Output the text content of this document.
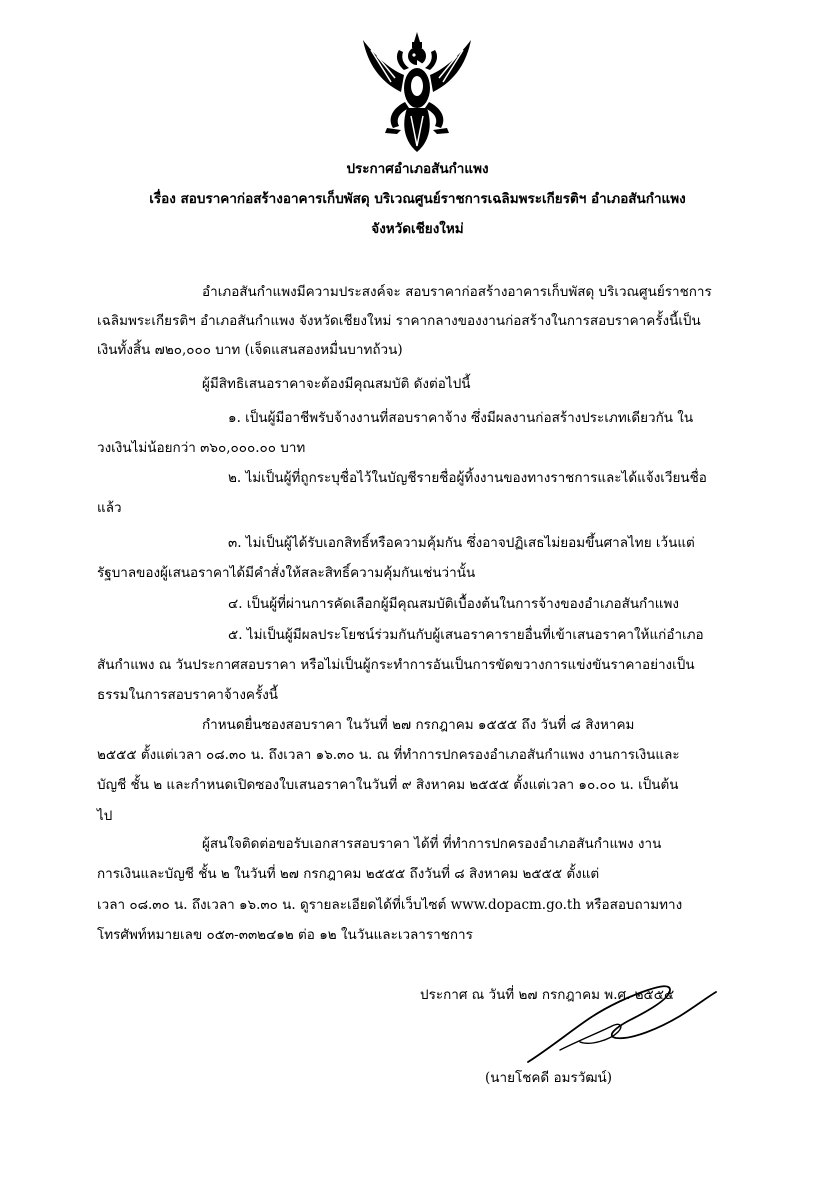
ประกาศอำเภอสันกำแพง
เรื่อง สอบราคาก่อสร้างอาคารเก็บพัสดุ บริเวณศูนย์ราชการเฉลิมพระเกียรติฯ อำเภอสันกำแพง
จังหวัดเชียงใหม่
อำเภอสันกำแพงมีความประสงค์จะ สอบราคาก่อสร้างอาคารเก็บพัสดุ บริเวณศูนย์ราชการ
เฉลิมพระเกียรติฯ อำเภอสันกำแพง จังหวัดเชียงใหม่ ราคากลางของงานก่อสร้างในการสอบราคาครั้งนี้เป็น
เงินทั้งสิ้น ๗๒๐,๐๐๐ บาท (เจ็ดแสนสองหมื่นบาทถ้วน)
ผู้มีสิทธิเสนอราคาจะต้องมีคุณสมบัติ ดังต่อไปนี้
๑. เป็นผู้มีอาชีพรับจ้างงานที่สอบราคาจ้าง ซึ่งมีผลงานก่อสร้างประเภทเดียวกัน ใน
วงเงินไม่น้อยกว่า ๓๖๐,๐๐๐.๐๐ บาท
๒. ไม่เป็นผู้ที่ถูกระบุชื่อไว้ในบัญชีรายชื่อผู้ทิ้งงานของทางราชการและได้แจ้งเวียนชื่อ
แล้ว
๓. ไม่เป็นผู้ได้รับเอกสิทธิ์หรือความคุ้มกัน ซึ่งอาจปฏิเสธไม่ยอมขึ้นศาลไทย เว้นแต่
รัฐบาลของผู้เสนอราคาได้มีคำสั่งให้สละสิทธิ์ความคุ้มกันเช่นว่านั้น
๔. เป็นผู้ที่ผ่านการคัดเลือกผู้มีคุณสมบัติเบื้องต้นในการจ้างของอำเภอสันกำแพง
๕. ไม่เป็นผู้มีผลประโยชน์ร่วมกันกับผู้เสนอราคารายอื่นที่เข้าเสนอราคาให้แก่อำเภอ
สันกำแพง ณ วันประกาศสอบราคา หรือไม่เป็นผู้กระทำการอันเป็นการขัดขวางการแข่งขันราคาอย่างเป็น
ธรรมในการสอบราคาจ้างครั้งนี้
กำหนดยื่นซองสอบราคา ในวันที่ ๒๗ กรกฎาคม ๑๕๕๕ ถึง วันที่ ๘ สิงหาคม
๒๕๕๕ ตั้งแต่เวลา ๐๘.๓๐ น. ถึงเวลา ๑๖.๓๐ น. ณ ที่ทำการปกครองอำเภอสันกำแพง งานการเงินและ
บัญชี ชั้น ๒ และกำหนดเปิดซองใบเสนอราคาในวันที่ ๙ สิงหาคม ๒๕๕๕ ตั้งแต่เวลา ๑๐.๐๐ น. เป็นต้น
ไป
ผู้สนใจติดต่อขอรับเอกสารสอบราคา ได้ที่ ที่ทำการปกครองอำเภอสันกำแพง งาน
การเงินและบัญชี ชั้น ๒ ในวันที่ ๒๗ กรกฎาคม ๒๕๕๕ ถึงวันที่ ๘ สิงหาคม ๒๕๕๕ ตั้งแต่
เวลา ๐๘.๓๐ น. ถึงเวลา ๑๖.๓๐ น. ดูรายละเอียดได้ที่เว็บไซต์ www.dopacm.go.th หรือสอบถามทาง
โทรศัพท์หมายเลข ๐๕๓-๓๓๒๔๑๒ ต่อ ๑๒ ในวันและเวลาราชการ
ประกาศ ณ วันที่ ๒๗ กรกฎาคม พ.ศ. ๒๕๕๕
(นายโชคดี อมรวัฒน์)
